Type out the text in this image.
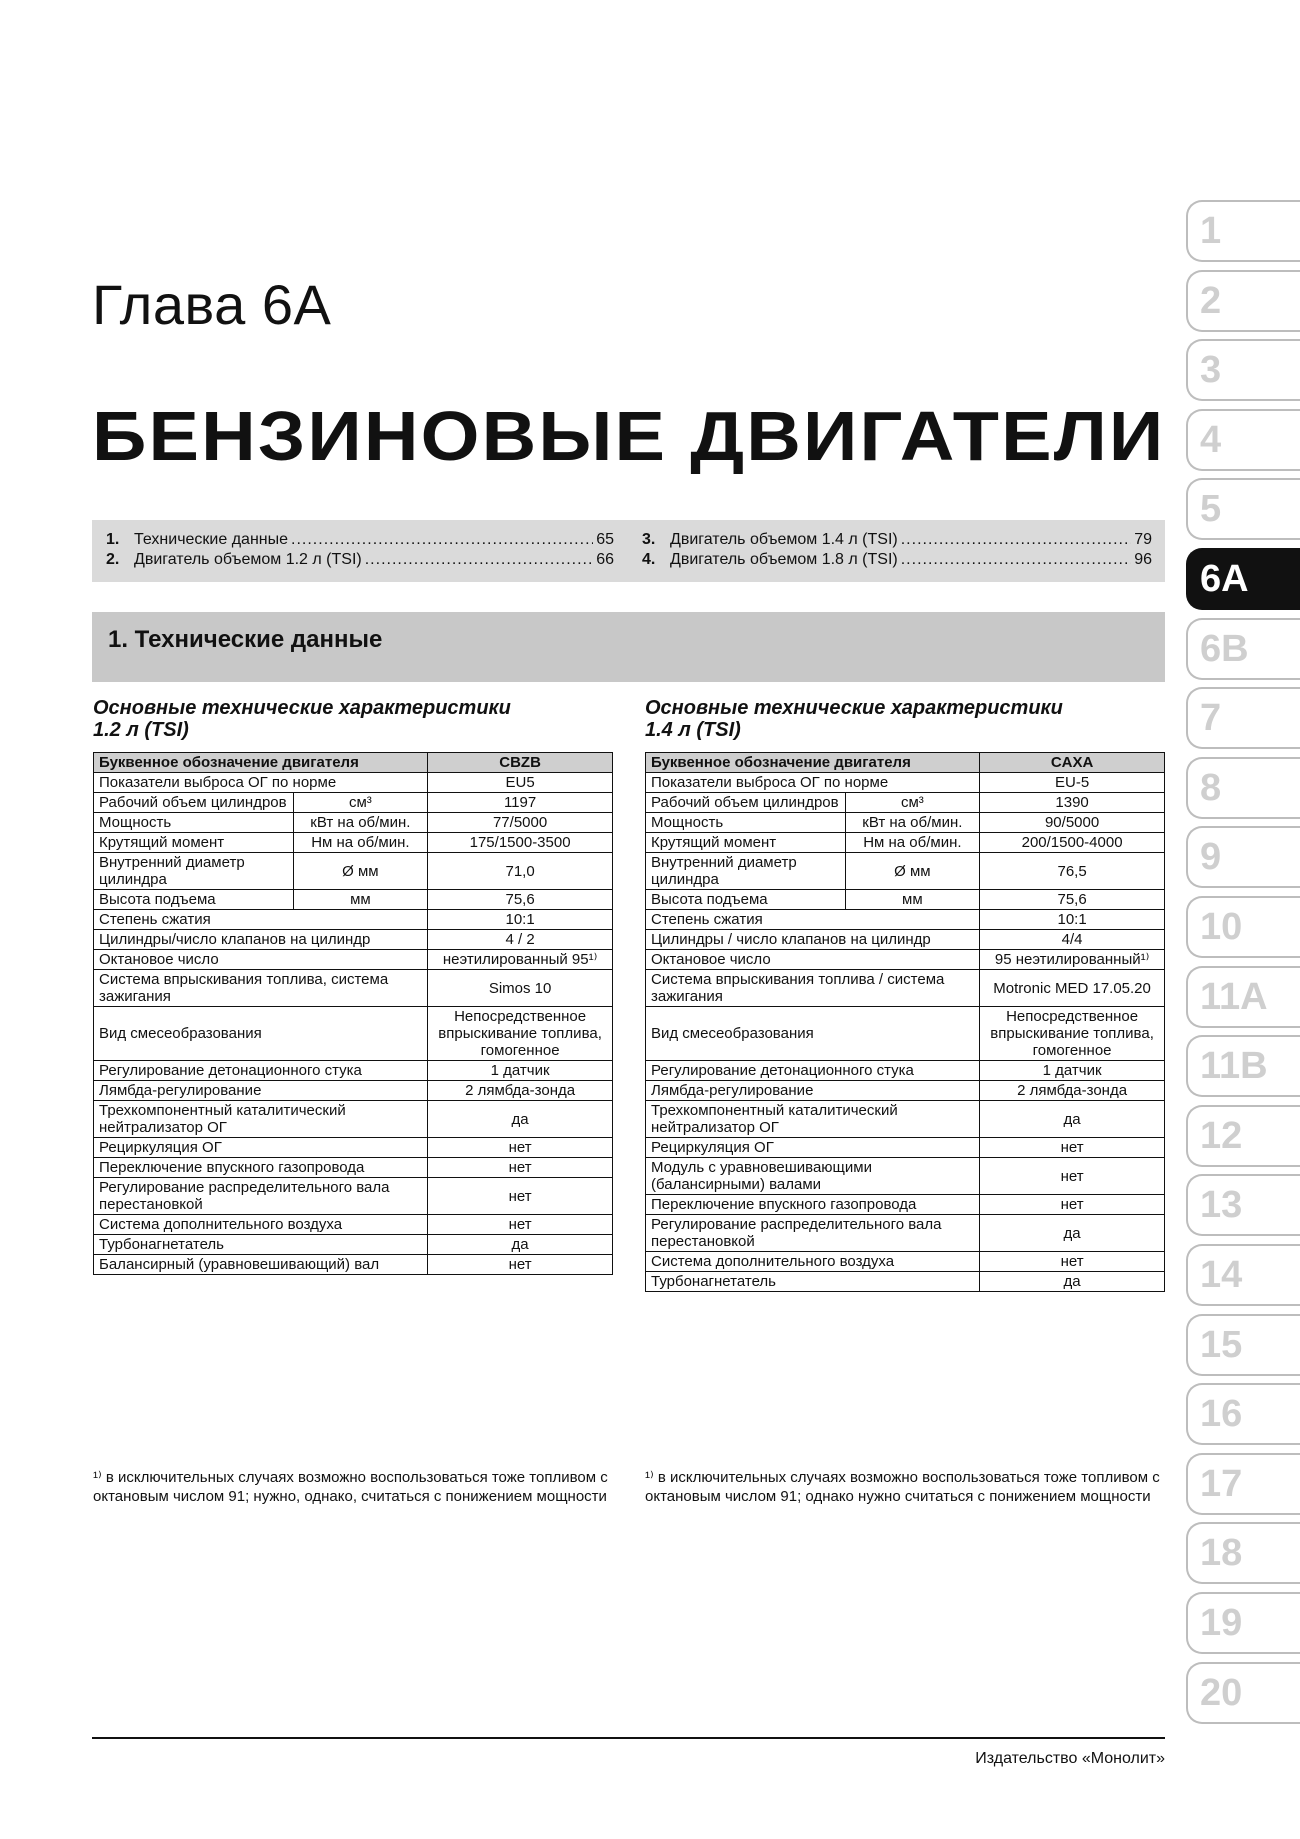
Глава 6А
БЕНЗИНОВЫЕ ДВИГАТЕЛИ
1. Технические данные .....	65
2. Двигатель объемом 1.2 л (TSI) .....	66
3. Двигатель объемом 1.4 л (TSI) .....	79
4. Двигатель объемом 1.8 л (TSI) .....	96
1. Технические данные
Основные технические характеристики
1.2 л (TSI)
Основные технические характеристики
1.4 л (TSI)
Буквенное обозначение двигателя		CBZB
Показатели выброса ОГ по норме		EU5
Рабочий объем цилиндров	см³	1197
Мощность	кВт на об/мин.	77/5000
Крутящий момент	Нм на об/мин.	175/1500-3500
Внутренний диаметр цилиндра	Ø мм	71,0
Высота подъема	мм	75,6
Степень сжатия		10:1
Цилиндры/число клапанов на цилиндр		4 / 2
Октановое число		неэтилированный 95¹⁾
Система впрыскивания топлива, система зажигания		Simos 10
Вид смесеобразования		Непосредственное впрыскивание топлива, гомогенное
Регулирование детонационного стука		1 датчик
Лямбда-регулирование		2 лямбда-зонда
Трехкомпонентный каталитический нейтрализатор ОГ		да
Рециркуляция ОГ		нет
Переключение впускного газопровода		нет
Регулирование распределительного вала перестановкой		нет
Система дополнительного воздуха		нет
Турбонагнетатель		да
Балансирный (уравновешивающий) вал		нет
Буквенное обозначение двигателя		CAXA
Показатели выброса ОГ по норме		EU-5
Рабочий объем цилиндров	см³	1390
Мощность	кВт на об/мин.	90/5000
Крутящий момент	Нм на об/мин.	200/1500-4000
Внутренний диаметр цилиндра	Ø мм	76,5
Высота подъема	мм	75,6
Степень сжатия		10:1
Цилиндры / число клапанов на цилиндр		4/4
Октановое число		95 неэтилированный¹⁾
Система впрыскивания топлива / система зажигания		Motronic MED 17.05.20
Вид смесеобразования		Непосредственное впрыскивание топлива, гомогенное
Регулирование детонационного стука		1 датчик
Лямбда-регулирование		2 лямбда-зонда
Трехкомпонентный каталитический нейтрализатор ОГ		да
Рециркуляция ОГ		нет
Модуль с уравновешивающими (балансирными) валами		нет
Переключение впускного газопровода		нет
Регулирование распределительного вала перестановкой		да
Система дополнительного воздуха		нет
Турбонагнетатель		да
¹⁾ в исключительных случаях возможно воспользоваться тоже топливом с октановым числом 91; нужно, однако, считаться с понижением мощности
¹⁾ в исключительных случаях возможно воспользоваться тоже топливом с октановым числом 91; однако нужно считаться с понижением мощности
1
2
3
4
5
6A
6B
7
8
9
10
11A
11B
12
13
14
15
16
17
18
19
20
Издательство «Монолит»
